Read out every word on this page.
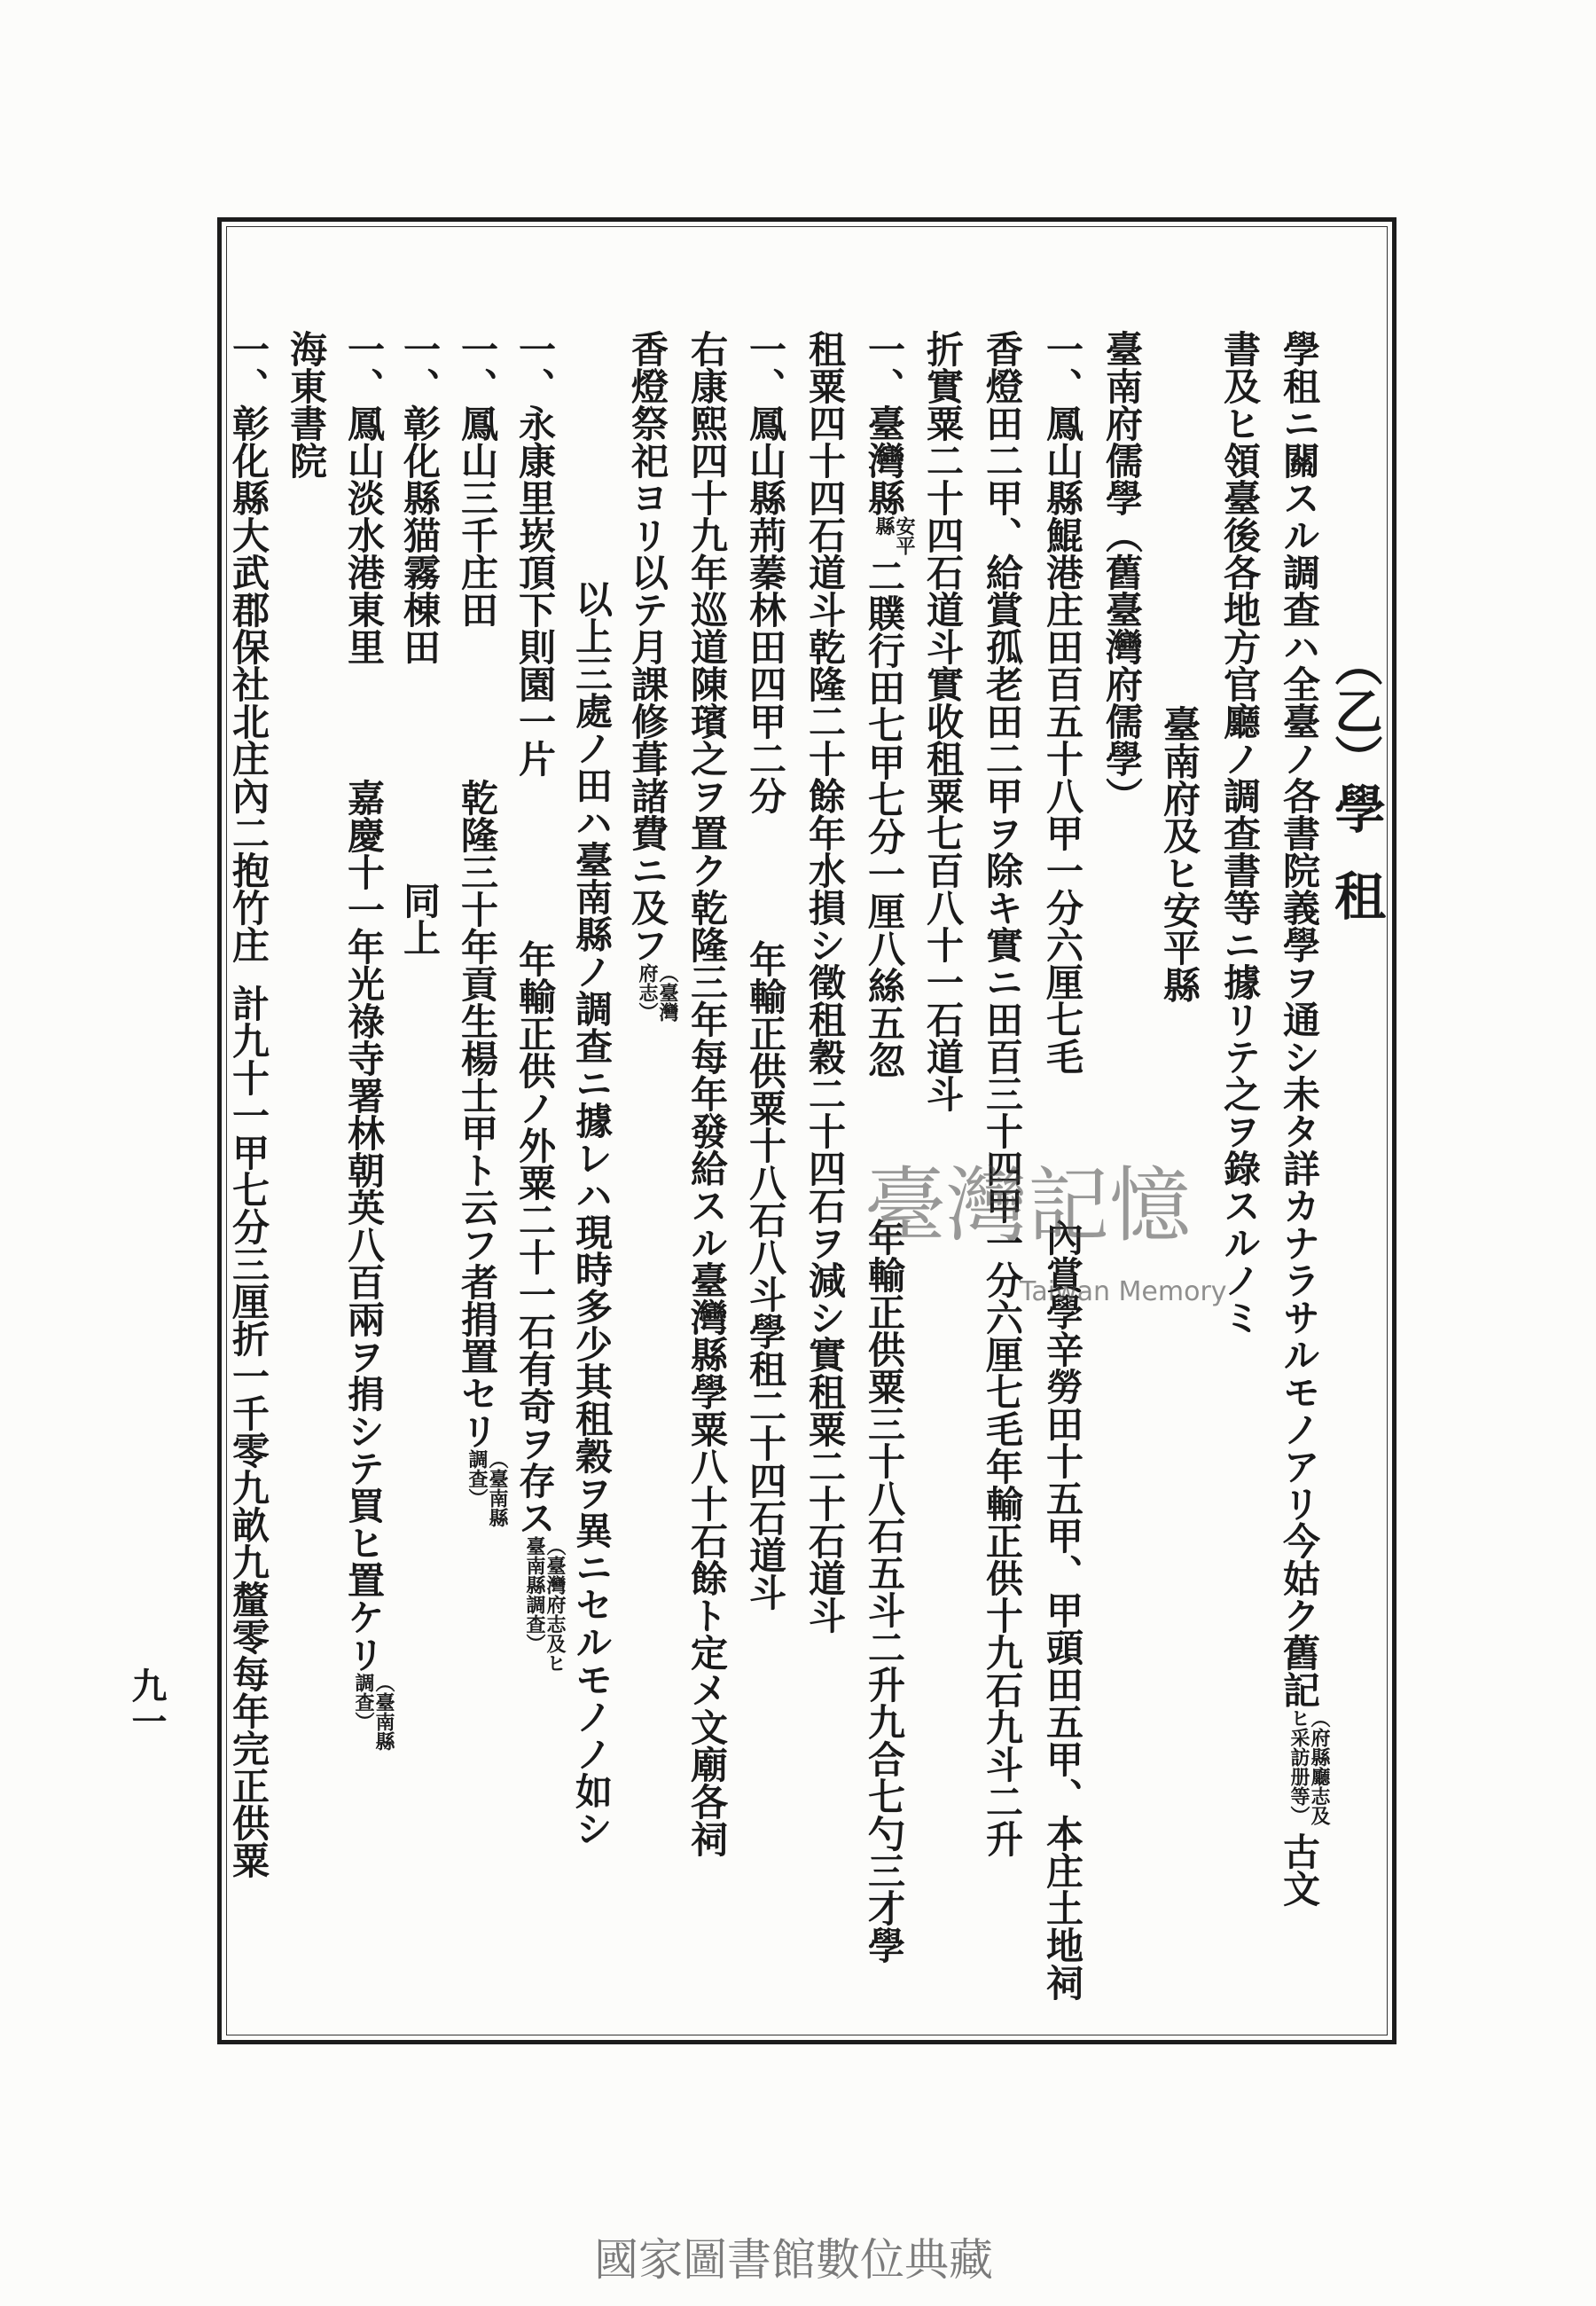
（乙）學租
學租ニ關スル調查ハ全臺ノ各書院義學ヲ通シ未タ詳カナラサルモノアリ今姑ク舊記（府縣廳志及ヒ采訪册等）古文
書及ヒ領臺後各地方官廳ノ調查書等ニ據リテ之ヲ錄スルノミ
臺南府及ヒ安平縣
臺南府儒學（舊臺灣府儒學）
一、鳳山縣鯤港庄田百五十八甲一分六厘七毛
內賞學辛勞田十五甲、甲頭田五甲、本庄土地祠
香燈田二甲、給賞孤老田二甲ヲ除キ實ニ田百三十四甲一分六厘七毛年輸正供十九石九斗二升
折實粟二十四石道斗實收租粟七百八十一石道斗
一、臺灣縣安平縣二贌行田七甲七分一厘八絲五忽
年輸正供粟三十八石五斗二升九合七勺三才學
租粟四十四石道斗乾隆二十餘年水損シ徵租穀二十四石ヲ減シ實租粟二十石道斗
一、鳳山縣荊蓁林田四甲二分
年輸正供粟十八石八斗學租二十四石道斗
右康熙四十九年巡道陳璸之ヲ置ク乾隆三年每年發給スル臺灣縣學粟八十石餘ト定メ文廟各祠
香燈祭祀ヨリ以テ月課修葺諸費ニ及フ（臺灣府志）
以上三處ノ田ハ臺南縣ノ調查ニ據レハ現時多少其租穀ヲ異ニセルモノノ如シ
一、永康里崁頂下則園一片
年輸正供ノ外粟二十一石有奇ヲ存ス（臺灣府志及ヒ臺南縣調查）
一、鳳山三千庄田
乾隆三十年貢生楊士甲ト云フ者捐置セリ（臺南縣調查）
一、彰化縣猫霧棟田
同上
一、鳳山淡水港東里
嘉慶十一年光祿寺署林朝英八百兩ヲ捐シテ買ヒ置ケリ（臺南縣調查）
海東書院
一、彰化縣大武郡保社北庄內二抱竹庄
計九十一甲七分三厘折一千零九畝九釐零每年完正供粟
九一
臺灣記憶
Taiwan Memory
國家圖書館數位典藏
